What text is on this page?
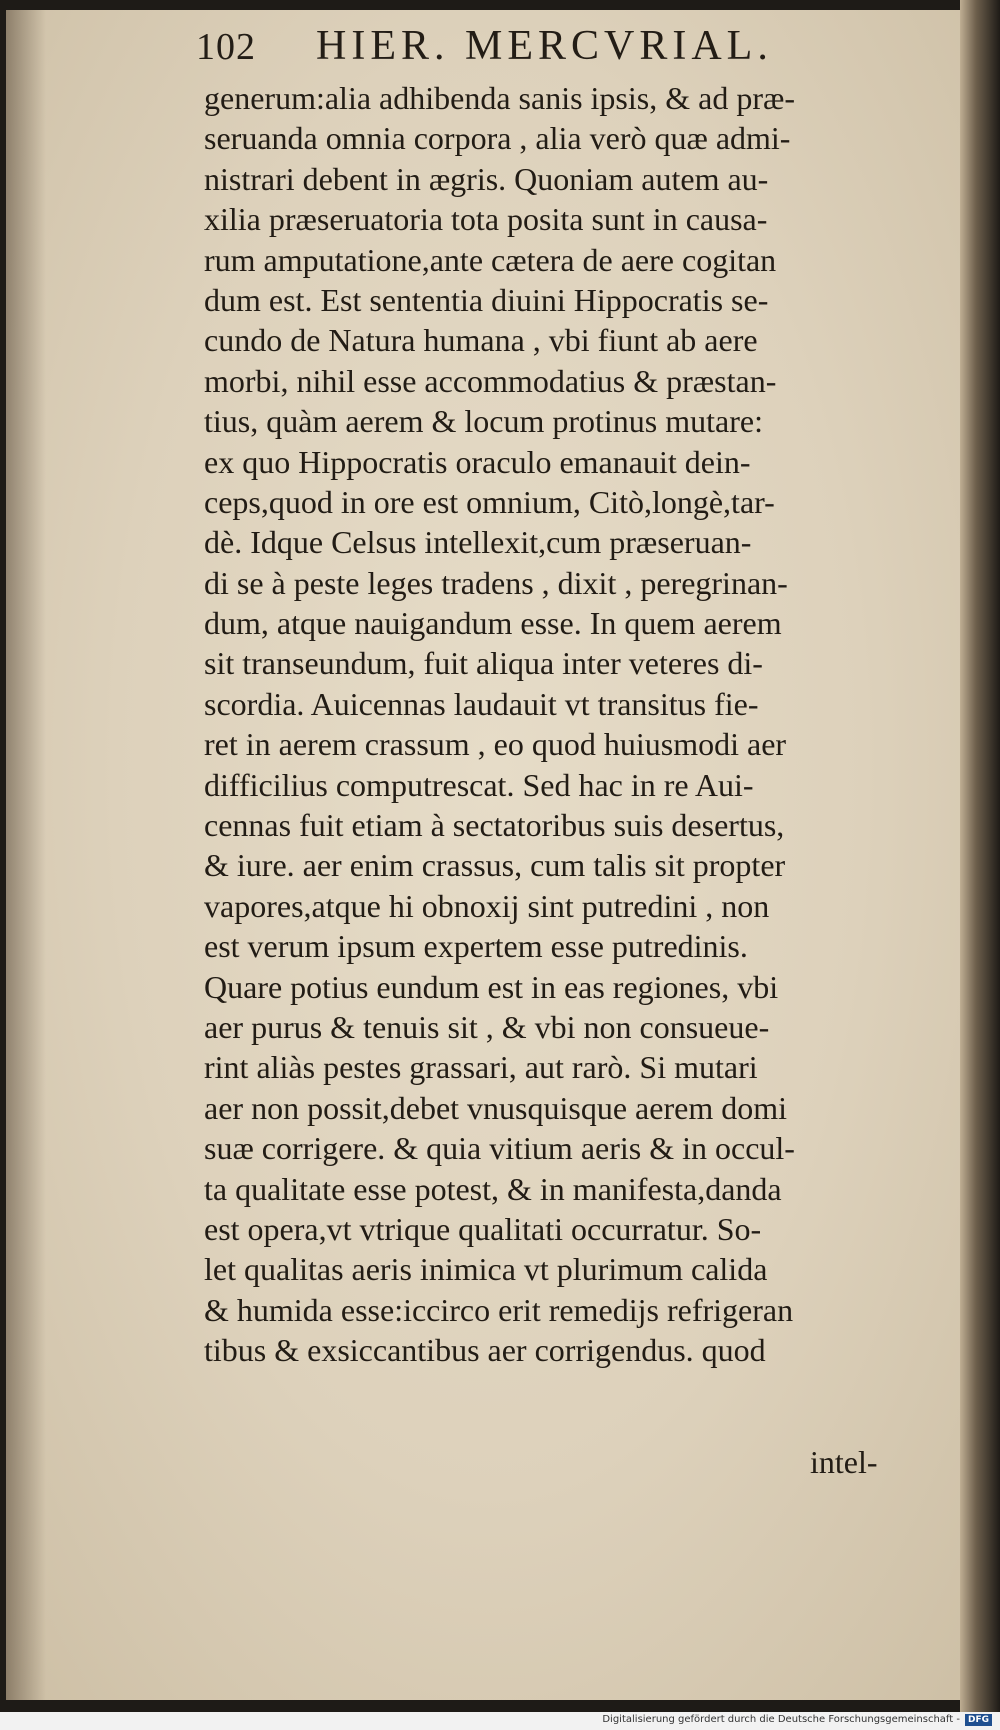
102 HIER. MERCVRIAL.
generum:alia adhibenda sanis ipsis, & ad præ-
seruanda omnia corpora , alia verò quæ admi-
nistrari debent in ægris. Quoniam autem au-
xilia præseruatoria tota posita sunt in causa-
rum amputatione,ante cætera de aere cogitan
dum est. Est sententia diuini Hippocratis se-
cundo de Natura humana , vbi fiunt ab aere
morbi, nihil esse accommodatius & præstan-
tius, quàm aerem & locum protinus mutare:
ex quo Hippocratis oraculo emanauit dein-
ceps,quod in ore est omnium, Citò,longè,tar-
dè. Idque Celsus intellexit,cum præseruan-
di se à peste leges tradens , dixit , peregrinan-
dum, atque nauigandum esse. In quem aerem
sit transeundum, fuit aliqua inter veteres di-
scordia. Auicennas laudauit vt transitus fie-
ret in aerem crassum , eo quod huiusmodi aer
difficilius computrescat. Sed hac in re Aui-
cennas fuit etiam à sectatoribus suis desertus,
& iure. aer enim crassus, cum talis sit propter
vapores,atque hi obnoxij sint putredini , non
est verum ipsum expertem esse putredinis.
Quare potius eundum est in eas regiones, vbi
aer purus & tenuis sit , & vbi non consueue-
rint aliàs pestes grassari, aut rarò. Si mutari
aer non possit,debet vnusquisque aerem domi
suæ corrigere. & quia vitium aeris & in occul-
ta qualitate esse potest, & in manifesta,danda
est opera,vt vtrique qualitati occurratur. So-
let qualitas aeris inimica vt plurimum calida
& humida esse:iccirco erit remedijs refrigeran
tibus & exsiccantibus aer corrigendus. quod
intel-
Digitalisierung gefördert durch die Deutsche Forschungsgemeinschaft - DFG
